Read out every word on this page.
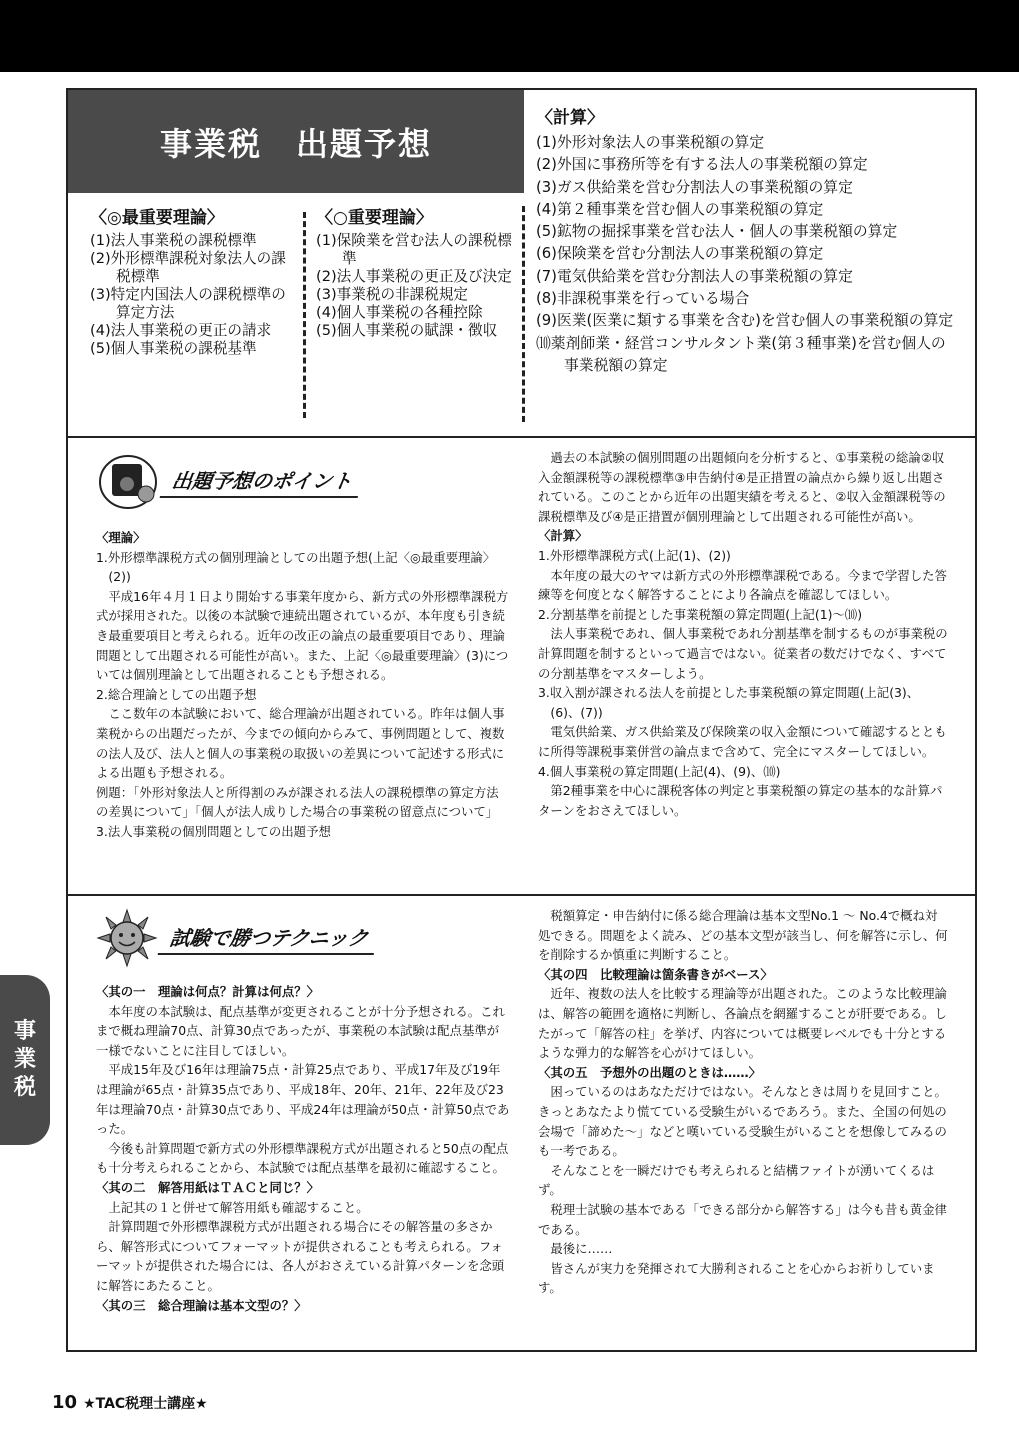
事業税　出題予想
〈◎最重要理論〉
(1)法人事業税の課税標準
(2)外形標準課税対象法人の課税標準
(3)特定内国法人の課税標準の算定方法
(4)法人事業税の更正の請求
(5)個人事業税の課税基準
〈○重要理論〉
(1)保険業を営む法人の課税標準
(2)法人事業税の更正及び決定
(3)事業税の非課税規定
(4)個人事業税の各種控除
(5)個人事業税の賦課・徴収
〈計算〉
(1)外形対象法人の事業税額の算定
(2)外国に事務所等を有する法人の事業税額の算定
(3)ガス供給業を営む分割法人の事業税額の算定
(4)第２種事業を営む個人の事業税額の算定
(5)鉱物の掘採事業を営む法人・個人の事業税額の算定
(6)保険業を営む分割法人の事業税額の算定
(7)電気供給業を営む分割法人の事業税額の算定
(8)非課税事業を行っている場合
(9)医業(医業に類する事業を含む)を営む個人の事業税額の算定
⑽薬剤師業・経営コンサルタント業(第３種事業)を営む個人の事業税額の算定
出題予想のポイント

〈理論〉

1.外形標準課税方式の個別理論としての出題予想(上記〈◎最重要理論〉(2))

平成16年４月１日より開始する事業年度から、新方式の外形標準課税方式が採用された。以後の本試験で連続出題されているが、本年度も引き続き最重要項目と考えられる。近年の改正の論点の最重要項目であり、理論問題として出題される可能性が高い。また、上記〈◎最重要理論〉(3)については個別理論として出題されることも予想される。

2.総合理論としての出題予想

ここ数年の本試験において、総合理論が出題されている。昨年は個人事業税からの出題だったが、今までの傾向からみて、事例問題として、複数の法人及び、法人と個人の事業税の取扱いの差異について記述する形式による出題も予想される。

例題：「外形対象法人と所得割のみが課される法人の課税標準の算定方法の差異について」「個人が法人成りした場合の事業税の留意点について」

3.法人事業税の個別問題としての出題予想

過去の本試験の個別問題の出題傾向を分析すると、①事業税の総論②収入金額課税等の課税標準③申告納付④是正措置の論点から繰り返し出題されている。このことから近年の出題実績を考えると、②収入金額課税等の課税標準及び④是正措置が個別理論として出題される可能性が高い。

〈計算〉

1.外形標準課税方式(上記(1)、(2))

本年度の最大のヤマは新方式の外形標準課税である。今まで学習した答練等を何度となく解答することにより各論点を確認してほしい。

2.分割基準を前提とした事業税額の算定問題(上記(1)～⑽)

法人事業税であれ、個人事業税であれ分割基準を制するものが事業税の計算問題を制するといって過言ではない。従業者の数だけでなく、すべての分割基準をマスターしよう。

3.収入割が課される法人を前提とした事業税額の算定問題(上記(3)、(6)、(7))

電気供給業、ガス供給業及び保険業の収入金額について確認するとともに所得等課税事業併営の論点まで含めて、完全にマスターしてほしい。

4.個人事業税の算定問題(上記(4)、(9)、⑽)

第2種事業を中心に課税客体の判定と事業税額の算定の基本的な計算パターンをおさえてほしい。

試験で勝つテクニック

〈其の一　理論は何点？計算は何点？〉

本年度の本試験は、配点基準が変更されることが十分予想される。これまで概ね理論70点、計算30点であったが、事業税の本試験は配点基準が一様でないことに注目してほしい。

平成15年及び16年は理論75点・計算25点であり、平成17年及び19年は理論が65点・計算35点であり、平成18年、20年、21年、22年及び23年は理論70点・計算30点であり、平成24年は理論が50点・計算50点であった。

今後も計算問題で新方式の外形標準課税方式が出題されると50点の配点も十分考えられることから、本試験では配点基準を最初に確認すること。

〈其の二　解答用紙はＴＡＣと同じ？〉

上記其の１と併せて解答用紙も確認すること。

計算問題で外形標準課税方式が出題される場合にその解答量の多さから、解答形式についてフォーマットが提供されることも考えられる。フォーマットが提供された場合には、各人がおさえている計算パターンを念頭に解答にあたること。

〈其の三　総合理論は基本文型の？〉

税額算定・申告納付に係る総合理論は基本文型No.1 ～ No.4で概ね対処できる。問題をよく読み、どの基本文型が該当し、何を解答に示し、何を削除するか慎重に判断すること。

〈其の四　比較理論は箇条書きがベース〉

近年、複数の法人を比較する理論等が出題された。このような比較理論は、解答の範囲を適格に判断し、各論点を網羅することが肝要である。したがって「解答の柱」を挙げ、内容については概要レベルでも十分とするような弾力的な解答を心がけてほしい。

〈其の五　予想外の出題のときは‥‥‥〉

困っているのはあなただけではない。そんなときは周りを見回すこと。きっとあなたより慌てている受験生がいるであろう。また、全国の何処の会場で「諦めた～」などと嘆いている受験生がいることを想像してみるのも一考である。

そんなことを一瞬だけでも考えられると結構ファイトが湧いてくるはず。

税理士試験の基本である「できる部分から解答する」は今も昔も黄金律である。

最後に‥‥‥

皆さんが実力を発揮されて大勝利されることを心からお祈りしています。

事
業
税
10 ★TAC税理士講座★
